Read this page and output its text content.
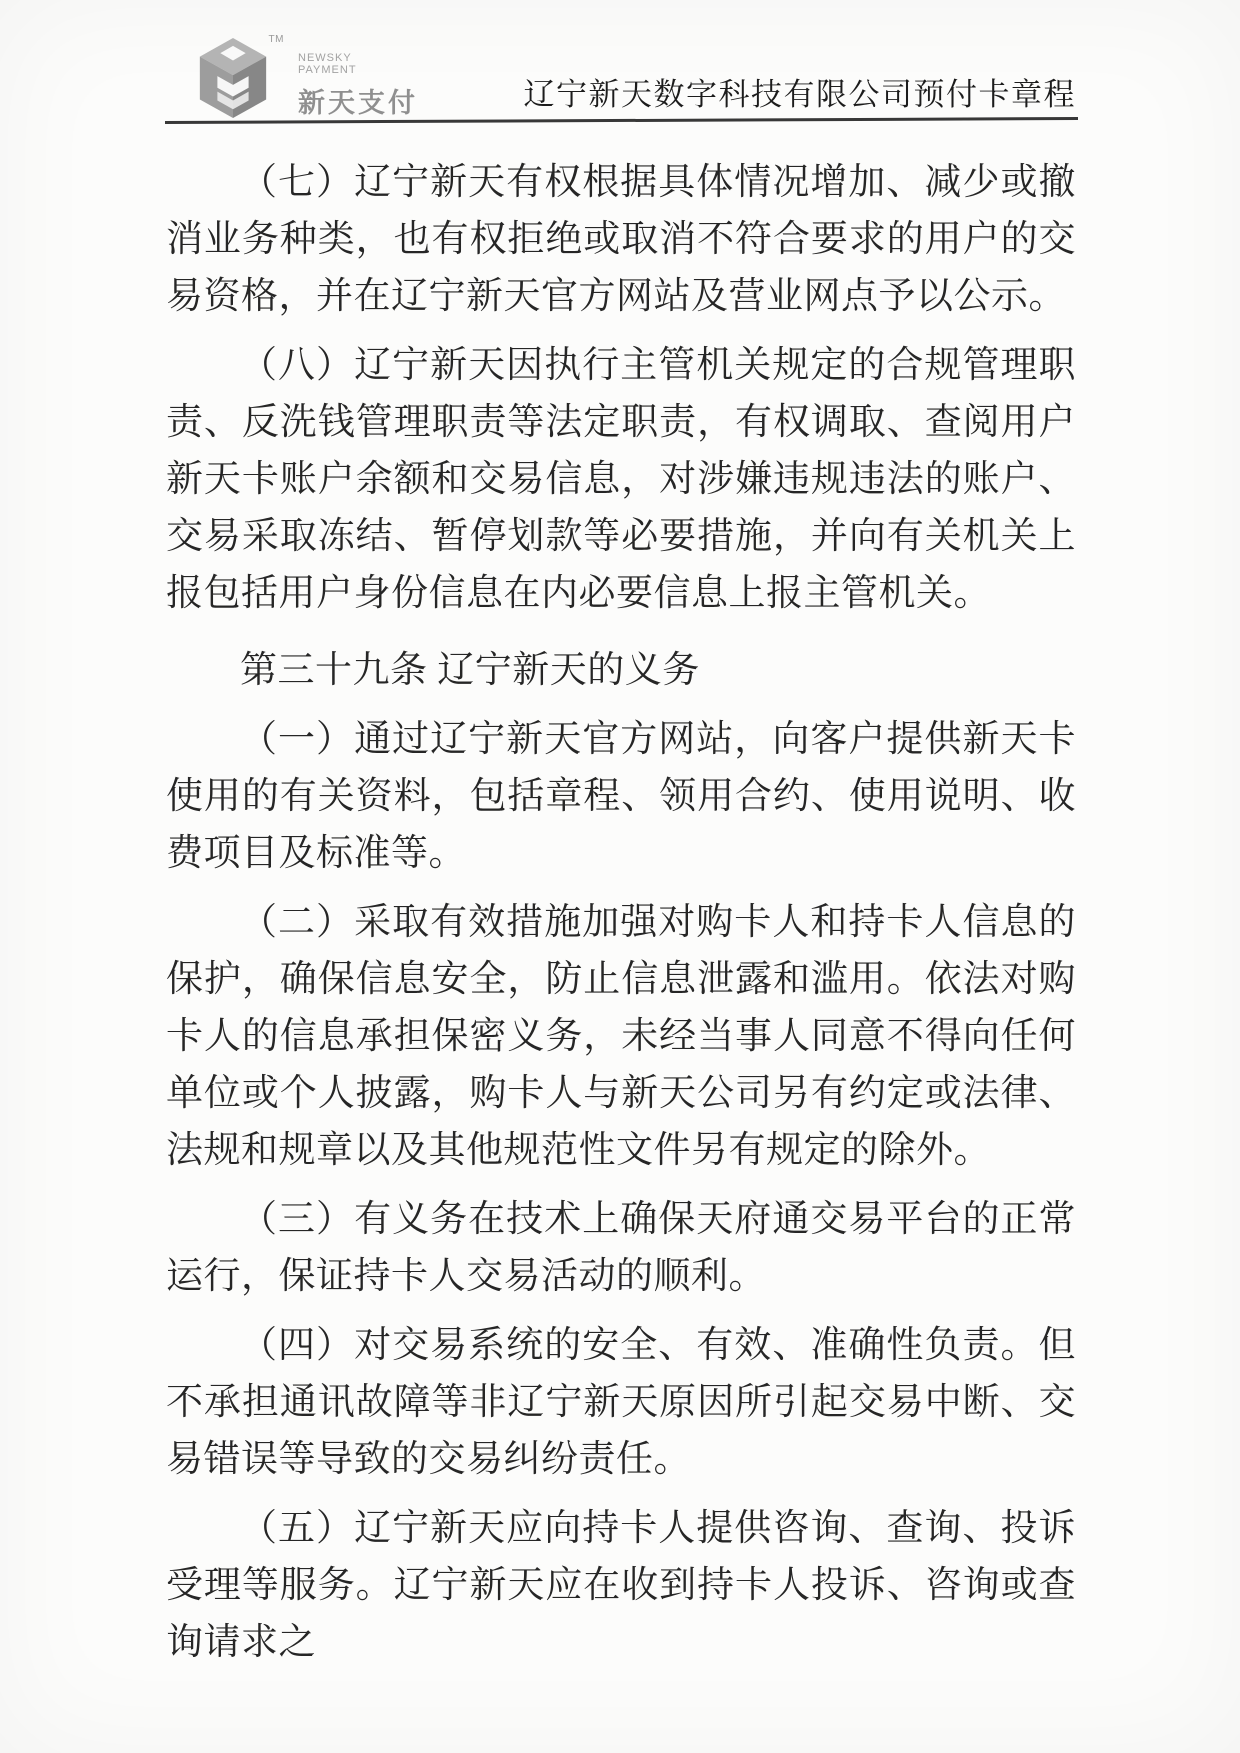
TM
NEWSKY
PAYMENT
新天支付	辽宁新天数字科技有限公司预付卡章程

（七）辽宁新天有权根据具体情况增加、减少或撤消业务种类，也有权拒绝或取消不符合要求的用户的交易资格，并在辽宁新天官方网站及营业网点予以公示。

（八）辽宁新天因执行主管机关规定的合规管理职责、反洗钱管理职责等法定职责，有权调取、查阅用户新天卡账户余额和交易信息，对涉嫌违规违法的账户、交易采取冻结、暂停划款等必要措施，并向有关机关上报包括用户身份信息在内必要信息上报主管机关。

第三十九条 辽宁新天的义务

（一）通过辽宁新天官方网站，向客户提供新天卡使用的有关资料，包括章程、领用合约、使用说明、收费项目及标准等。

（二）采取有效措施加强对购卡人和持卡人信息的保护，确保信息安全，防止信息泄露和滥用。依法对购卡人的信息承担保密义务，未经当事人同意不得向任何单位或个人披露，购卡人与新天公司另有约定或法律、法规和规章以及其他规范性文件另有规定的除外。

（三）有义务在技术上确保天府通交易平台的正常运行，保证持卡人交易活动的顺利。

（四）对交易系统的安全、有效、准确性负责。但不承担通讯故障等非辽宁新天原因所引起交易中断、交易错误等导致的交易纠纷责任。

（五）辽宁新天应向持卡人提供咨询、查询、投诉受理等服务。辽宁新天应在收到持卡人投诉、咨询或查询请求之
